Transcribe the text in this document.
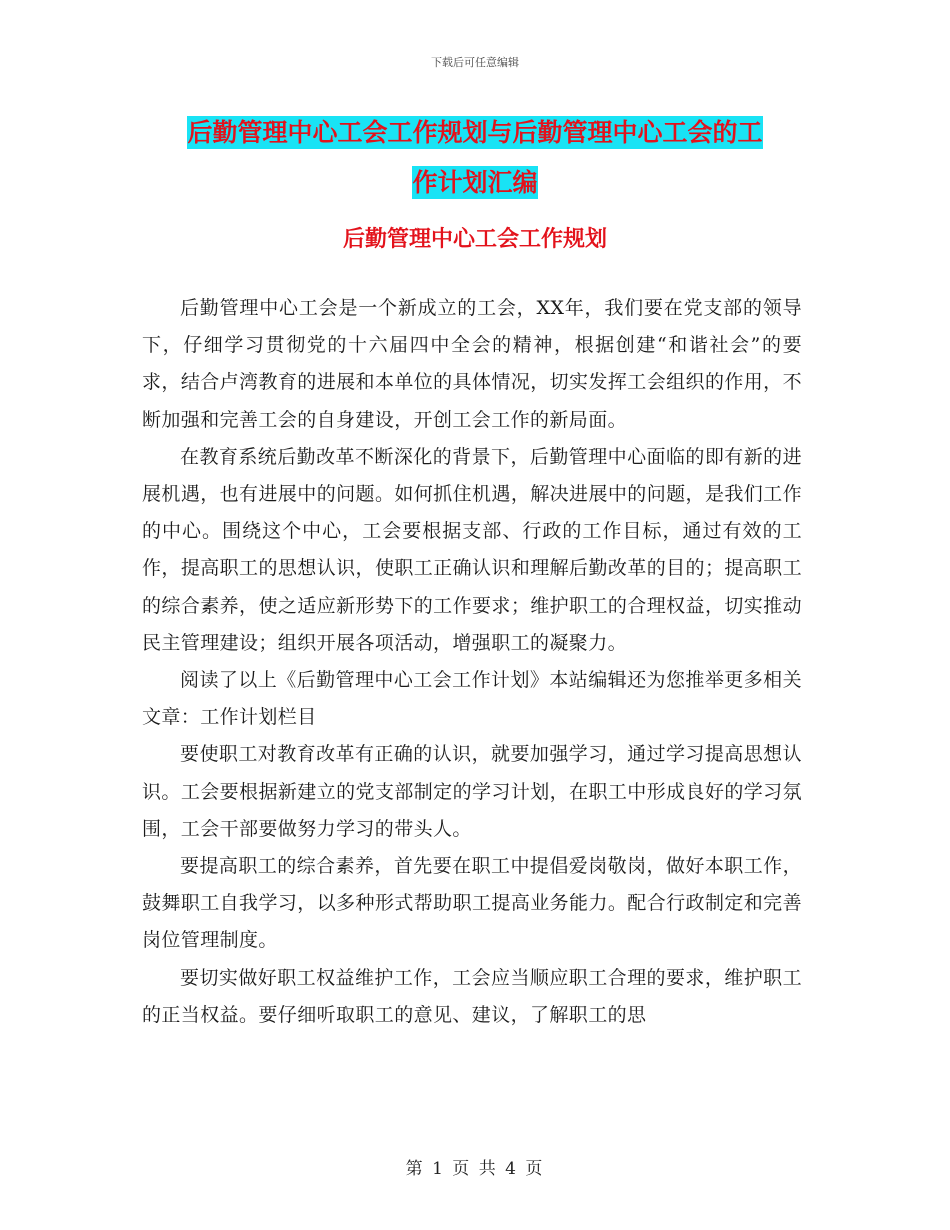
下载后可任意编辑
后勤管理中心工会工作规划与后勤管理中心工会的工
作计划汇编
后勤管理中心工会工作规划

后勤管理中心工会是一个新成立的工会，XX年，我们要在党支部的领导下，仔细学习贯彻党的十六届四中全会的精神，根据创建“和谐社会”的要求，结合卢湾教育的进展和本单位的具体情况，切实发挥工会组织的作用，不断加强和完善工会的自身建设，开创工会工作的新局面。

在教育系统后勤改革不断深化的背景下，后勤管理中心面临的即有新的进展机遇，也有进展中的问题。如何抓住机遇，解决进展中的问题，是我们工作的中心。围绕这个中心，工会要根据支部、行政的工作目标，通过有效的工作，提高职工的思想认识，使职工正确认识和理解后勤改革的目的；提高职工的综合素养，使之适应新形势下的工作要求；维护职工的合理权益，切实推动民主管理建设；组织开展各项活动，增强职工的凝聚力。

阅读了以上《后勤管理中心工会工作计划》本站编辑还为您推举更多相关文章：工作计划栏目

要使职工对教育改革有正确的认识，就要加强学习，通过学习提高思想认识。工会要根据新建立的党支部制定的学习计划，在职工中形成良好的学习氛围，工会干部要做努力学习的带头人。

要提高职工的综合素养，首先要在职工中提倡爱岗敬岗，做好本职工作，鼓舞职工自我学习，以多种形式帮助职工提高业务能力。配合行政制定和完善岗位管理制度。

要切实做好职工权益维护工作，工会应当顺应职工合理的要求，维护职工的正当权益。要仔细听取职工的意见、建议，了解职工的思

第 1 页 共 4 页
